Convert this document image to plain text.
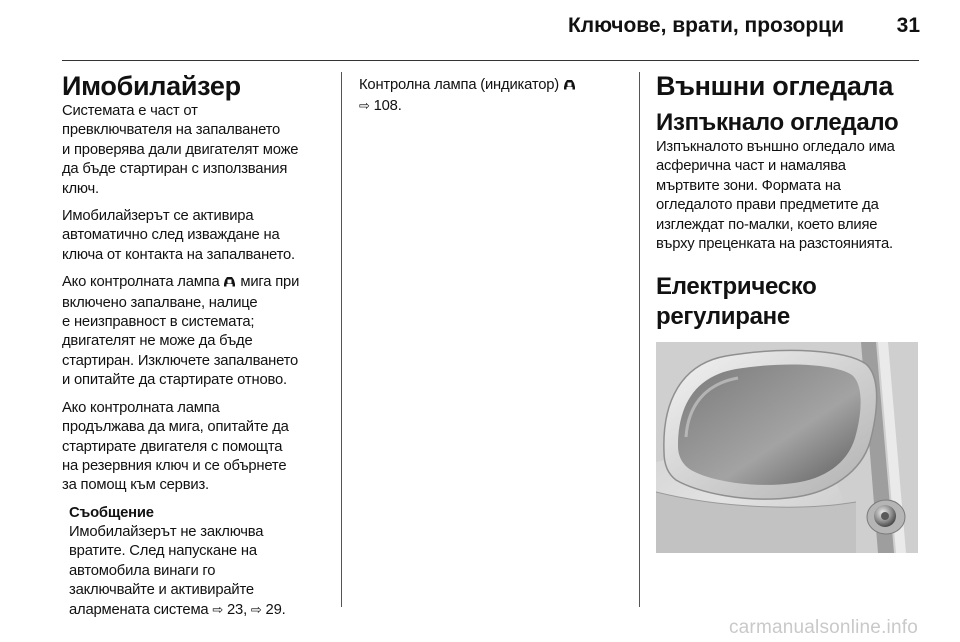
Ключове, врати, прозорци	31
Имобилайзер

Системата е част от
превключвателя на запалването
и проверява дали двигателят може
да бъде стартиран с използвания
ключ.

Имобилайзерът се активира
автоматично след изваждане на
ключа от контакта на запалването.

Ако контролната лампа мига при
включено запалване, налице
е неизправност в системата;
двигателят не може да бъде
стартиран. Изключете запалването
и опитайте да стартирате отново.

Ако контролната лампа
продължава да мига, опитайте да
стартирате двигателя с помощта
на резервния ключ и се обърнете
за помощ към сервиз.

Съобщение

Имобилайзерът не заключва
вратите. След напускане на
автомобила винаги го
заключвайте и активирайте
алармената система ⇨ 23, ⇨ 29.

Контролна лампа (индикатор)
⇨ 108.

Външни огледала
Изпъкнало огледало

Изпъкналото външно огледало има
асферична част и намалява
мъртвите зони. Формата на
огледалото прави предметите да
изглеждат по-малки, което влияе
върху преценката на разстоянията.

Електрическо
регулиране
carmanualsonline.info
